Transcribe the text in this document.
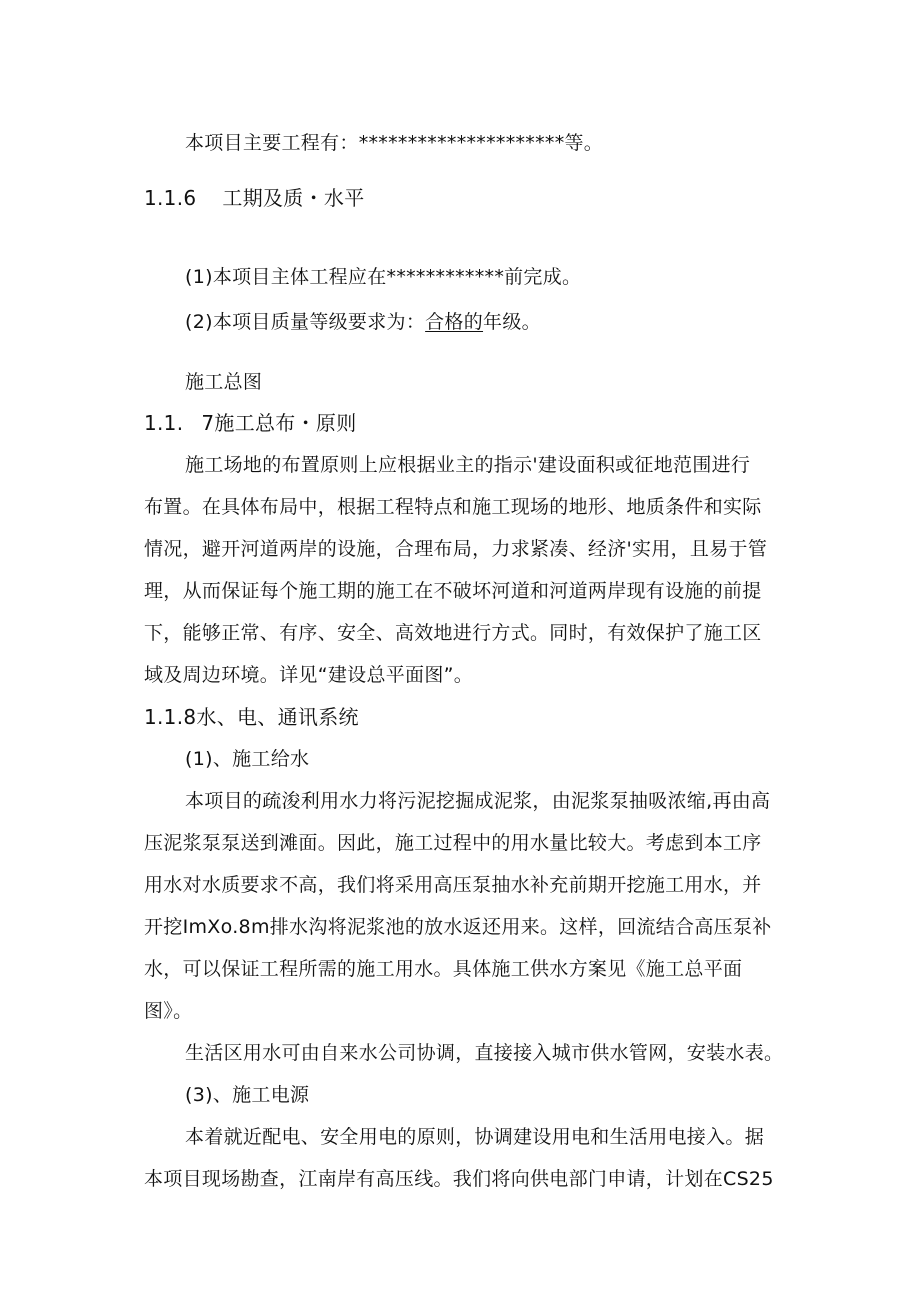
本项目主要工程有：*********************等。
1.1.6 工期及质・水平
(1)本项目主体工程应在************前完成。
(2)本项目质量等级要求为：合格的年级。
施工总图
1.1. 7施工总布・原则
施工场地的布置原则上应根据业主的指示'建设面积或征地范围进行
布置。在具体布局中，根据工程特点和施工现场的地形、地质条件和实际
情况，避开河道两岸的设施，合理布局，力求紧凑、经济'实用，且易于管
理，从而保证每个施工期的施工在不破坏河道和河道两岸现有设施的前提
下，能够正常、有序、安全、高效地进行方式。同时，有效保护了施工区
域及周边环境。详见“建设总平面图”。
1.1.8水、电、通讯系统
(1)、施工给水
本项目的疏浚利用水力将污泥挖掘成泥浆，由泥浆泵抽吸浓缩,再由高
压泥浆泵泵送到滩面。因此，施工过程中的用水量比较大。考虑到本工序
用水对水质要求不高，我们将采用高压泵抽水补充前期开挖施工用水，并
开挖ImXo.8m排水沟将泥浆池的放水返还用来。这样，回流结合高压泵补
水，可以保证工程所需的施工用水。具体施工供水方案见《施工总平面
图》。
生活区用水可由自来水公司协调，直接接入城市供水管网，安装水表。
(3)、施工电源
本着就近配电、安全用电的原则，协调建设用电和生活用电接入。据
本项目现场勘查，江南岸有高压线。我们将向供电部门申请，计划在CS25
